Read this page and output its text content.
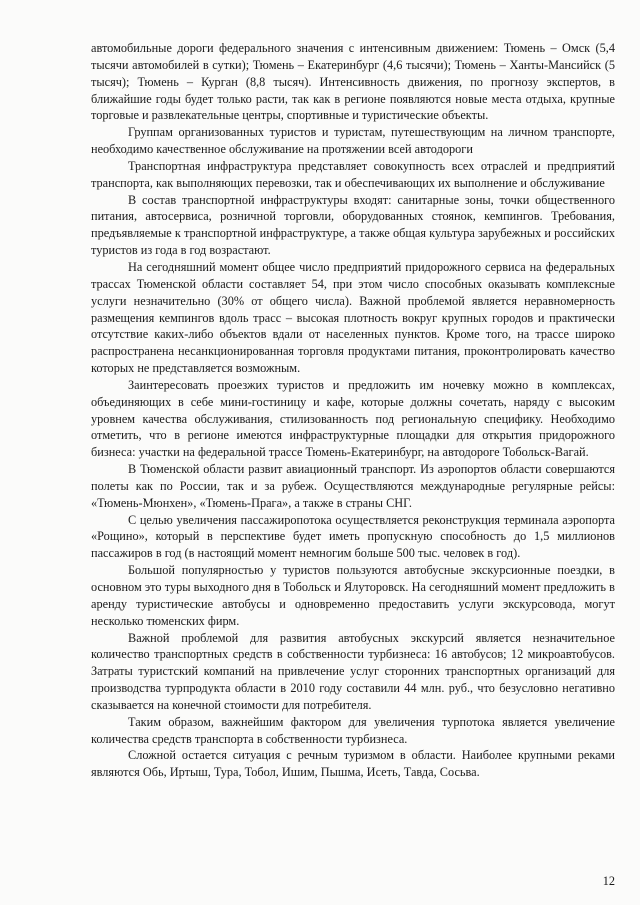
автомобильные дороги федерального значения с интенсивным движением: Тюмень – Омск (5,4 тысячи автомобилей в сутки); Тюмень – Екатеринбург (4,6 тысячи); Тюмень – Ханты-Мансийск (5 тысяч); Тюмень – Курган (8,8 тысяч). Интенсивность движения, по прогнозу экспертов, в ближайшие годы будет только расти, так как в регионе появляются новые места отдыха, крупные торговые и развлекательные центры, спортивные и туристические объекты.

Группам организованных туристов и туристам, путешествующим на личном транспорте, необходимо качественное обслуживание на протяжении всей автодороги

Транспортная инфраструктура представляет совокупность всех отраслей и предприятий транспорта, как выполняющих перевозки, так и обеспечивающих их выполнение и обслуживание

В состав транспортной инфраструктуры входят: санитарные зоны, точки общественного питания, автосервиса, розничной торговли, оборудованных стоянок, кемпингов. Требования, предъявляемые к транспортной инфраструктуре, а также общая культура зарубежных и российских туристов из года в год возрастают.

На сегодняшний момент общее число предприятий придорожного сервиса на федеральных трассах Тюменской области составляет 54, при этом число способных оказывать комплексные услуги незначительно (30% от общего числа). Важной проблемой является неравномерность размещения кемпингов вдоль трасс – высокая плотность вокруг крупных городов и практически отсутствие каких-либо объектов вдали от населенных пунктов. Кроме того, на трассе широко распространена несанкционированная торговля продуктами питания, проконтролировать качество которых не представляется возможным.

Заинтересовать проезжих туристов и предложить им ночевку можно в комплексах, объединяющих в себе мини-гостиницу и кафе, которые должны сочетать, наряду с высоким уровнем качества обслуживания, стилизованность под региональную специфику. Необходимо отметить, что в регионе имеются инфраструктурные площадки для открытия придорожного бизнеса: участки на федеральной трассе Тюмень-Екатеринбург, на автодороге Тобольск-Вагай.

В Тюменской области развит авиационный транспорт. Из аэропортов области совершаются полеты как по России, так и за рубеж. Осуществляются международные регулярные рейсы: «Тюмень-Мюнхен», «Тюмень-Прага», а также в страны СНГ.

С целью увеличения пассажиропотока осуществляется реконструкция терминала аэропорта «Рощино», который в перспективе будет иметь пропускную способность до 1,5 миллионов пассажиров в год (в настоящий момент немногим больше 500 тыс. человек в год).

Большой популярностью у туристов пользуются автобусные экскурсионные поездки, в основном это туры выходного дня в Тобольск и Ялуторовск. На сегодняшний момент предложить в аренду туристические автобусы и одновременно предоставить услуги экскурсовода, могут несколько тюменских фирм.

Важной проблемой для развития автобусных экскурсий является незначительное количество транспортных средств в собственности турбизнеса: 16 автобусов; 12 микроавтобусов. Затраты туристский компаний на привлечение услуг сторонних транспортных организаций для производства турпродукта области в 2010 году составили 44 млн. руб., что безусловно негативно сказывается на конечной стоимости для потребителя.

Таким образом, важнейшим фактором для увеличения турпотока является увеличение количества средств транспорта в собственности турбизнеса.

Сложной остается ситуация с речным туризмом в области. Наиболее крупными реками являются Обь, Иртыш, Тура, Тобол, Ишим, Пышма, Исеть, Тавда, Сосьва.

12
